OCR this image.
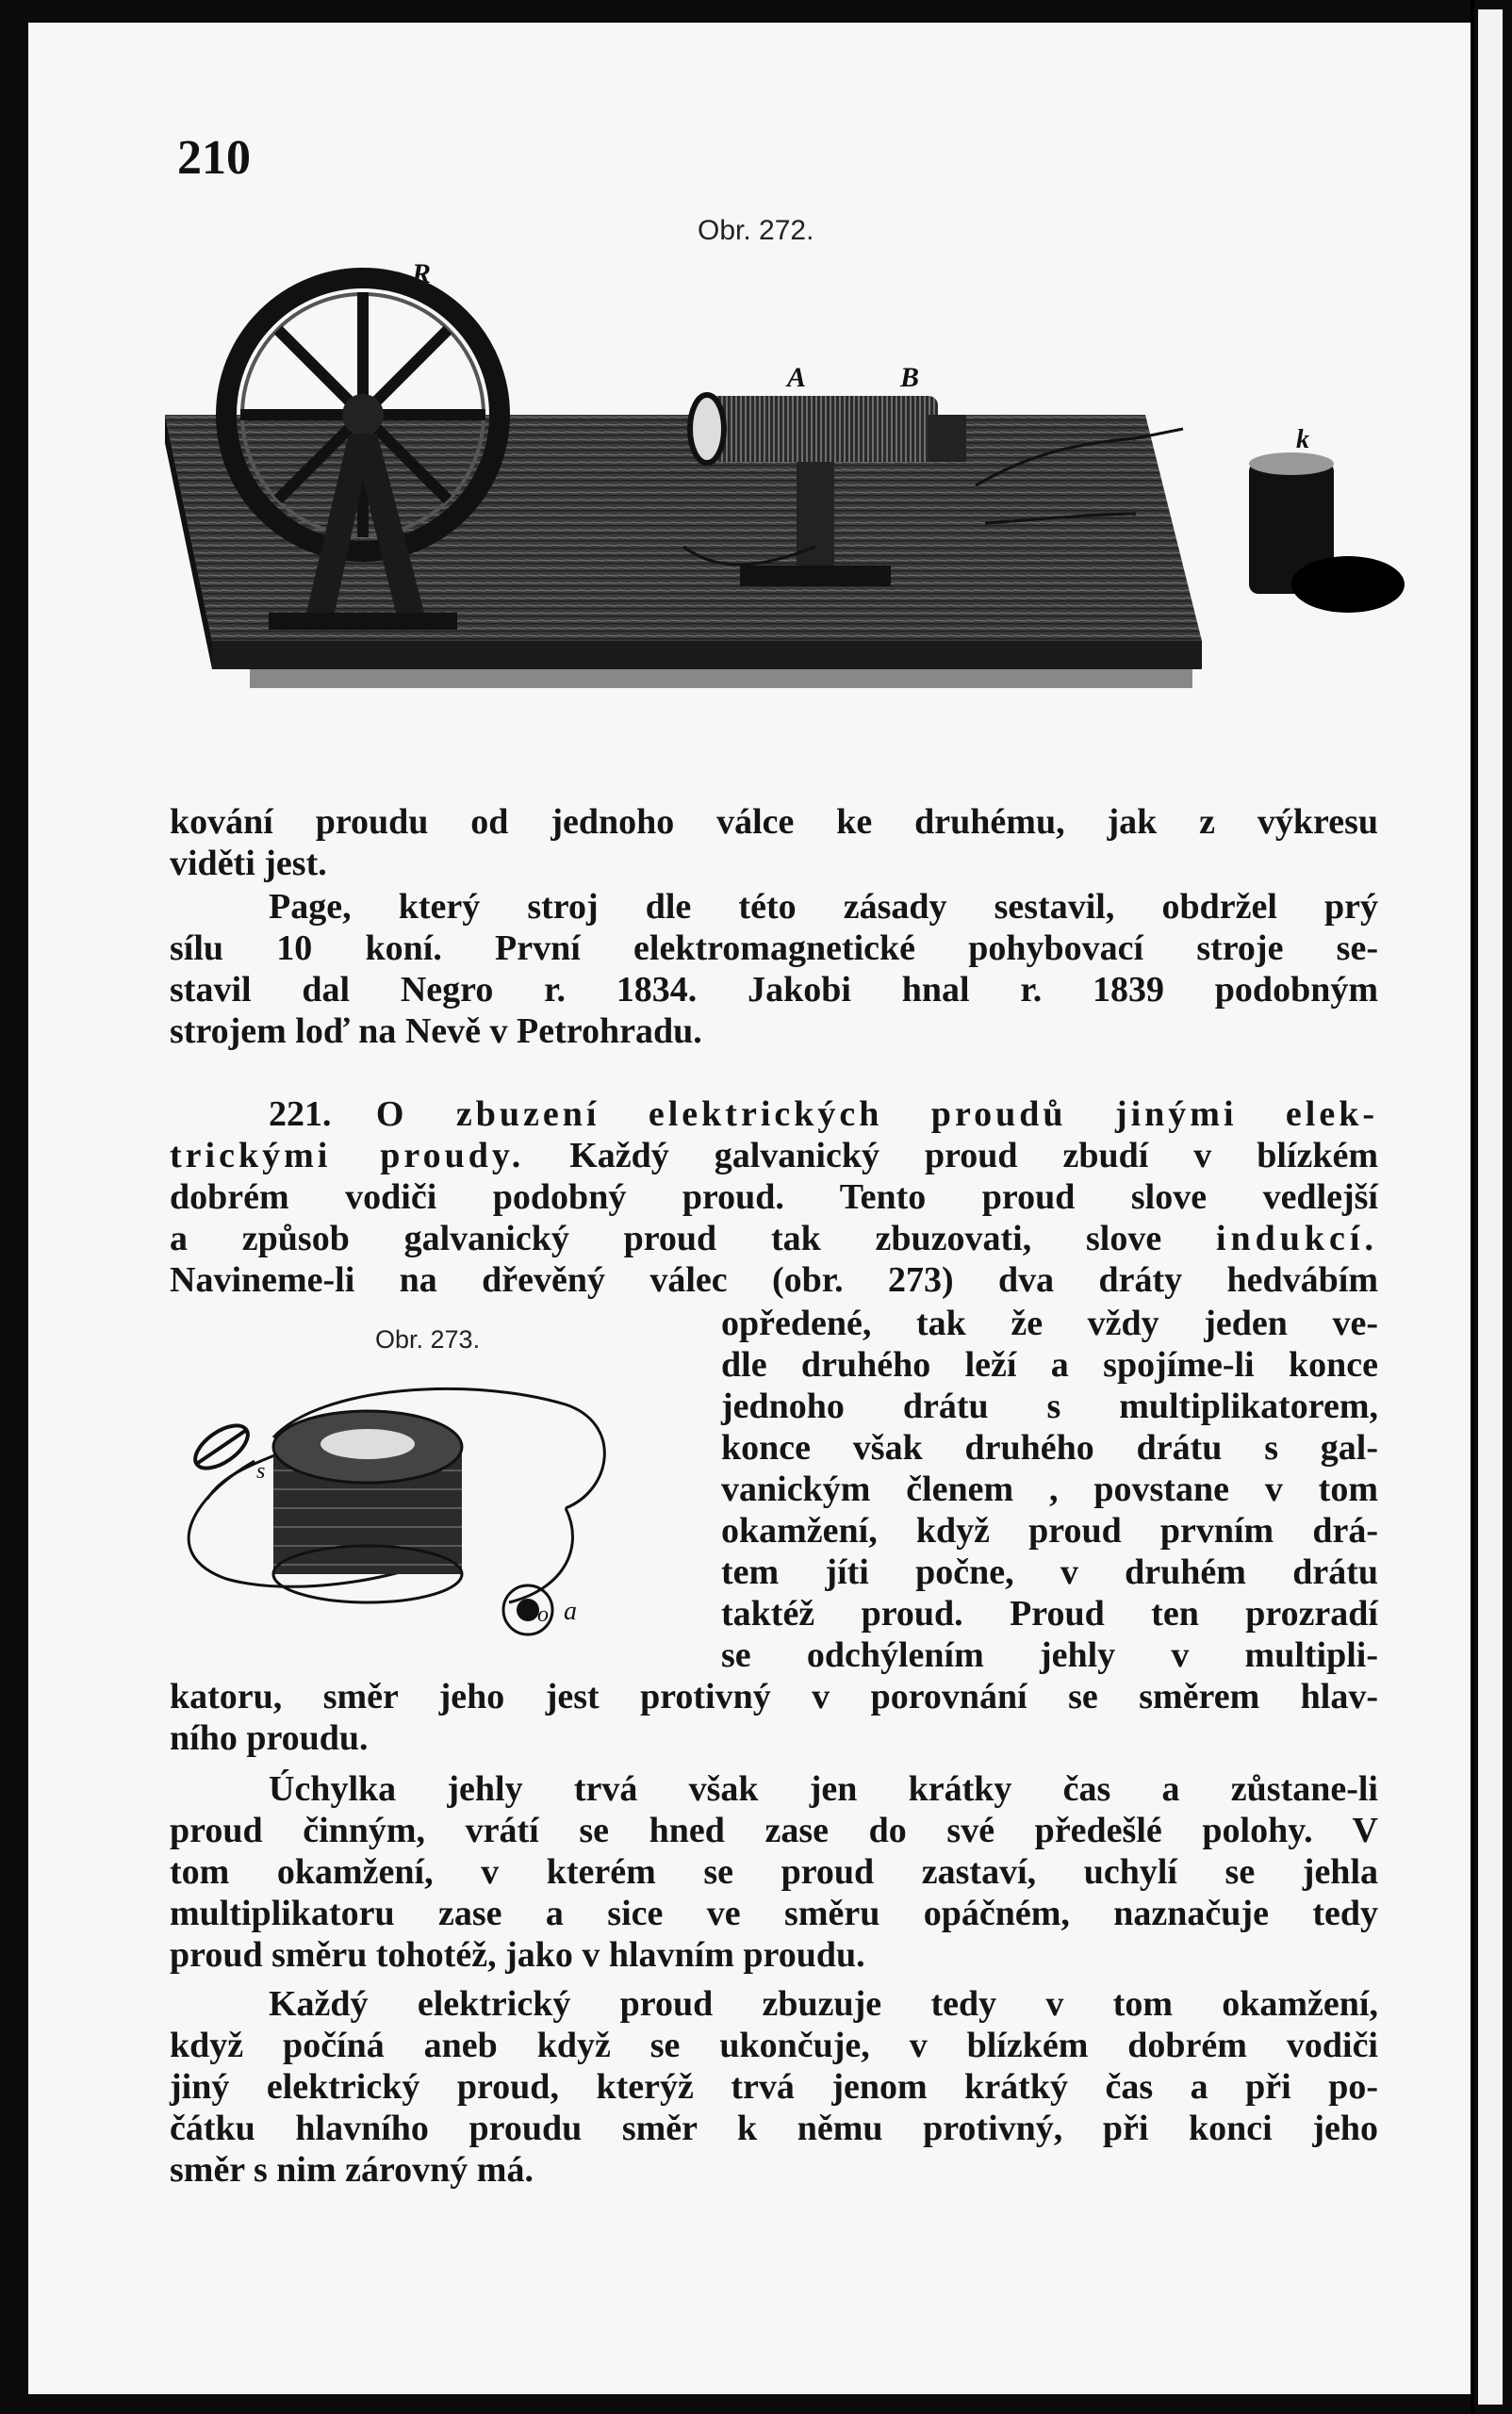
210

Obr. 272.

R
A	B
k
kování proudu od jednoho válce ke druhému, jak z výkresu
viděti jest.
Page, který stroj dle této zásady sestavil, obdržel prý
sílu 10 koní. První elektromagnetické pohybovací stroje se-
stavil dal Negro r. 1834. Jakobi hnal r. 1839 podobným
strojem loď na Nevě v Petrohradu.
221. O zbuzení elektrických proudů jinými elek-
trickými proudy. Každý galvanický proud zbudí v blízkém
dobrém vodiči podobný proud. Tento proud slove vedlejší
a způsob galvanický proud tak zbuzovati, slove indukcí.
Navineme-li na dřevěný válec (obr. 273) dva dráty hedvábím

Obr. 273.

s
o a
opředené, tak že vždy jeden ve-
dle druhého leží a spojíme-li konce
jednoho drátu s multiplikatorem,
konce však druhého drátu s gal-
vanickým členem , povstane v tom
okamžení, když proud prvním drá-
tem jíti počne, v druhém drátu
taktéž proud. Proud ten prozradí
se odchýlením jehly v multipli-
katoru, směr jeho jest protivný v porovnání se směrem hlav-
ního proudu.
Úchylka jehly trvá však jen krátky čas a zůstane-li
proud činným, vrátí se hned zase do své předešlé polohy. V
tom okamžení, v kterém se proud zastaví, uchylí se jehla
multiplikatoru zase a sice ve směru opáčném, naznačuje tedy
proud směru tohotéž, jako v hlavním proudu.
Každý elektrický proud zbuzuje tedy v tom okamžení,
když počíná aneb když se ukončuje, v blízkém dobrém vodiči
jiný elektrický proud, kterýž trvá jenom krátký čas a při po-
čátku hlavního proudu směr k němu protivný, při konci jeho
směr s nim zárovný má.
